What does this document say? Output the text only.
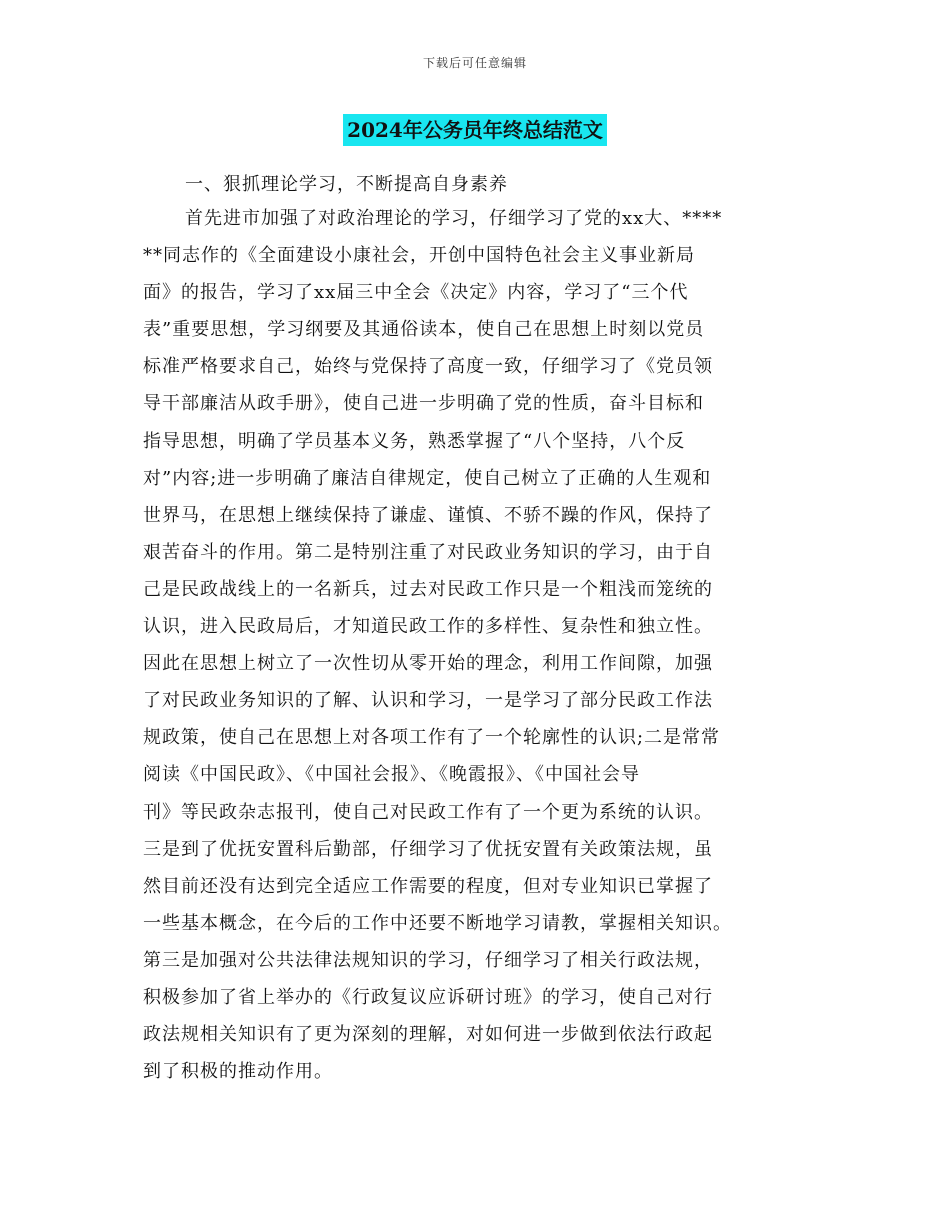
下载后可任意编辑
2024年公务员年终总结范文
一、狠抓理论学习，不断提高自身素养
首先进市加强了对政治理论的学习，仔细学习了党的xx大、****
**同志作的《全面建设小康社会，开创中国特色社会主义事业新局
面》的报告，学习了xx届三中全会《决定》内容，学习了“三个代
表”重要思想，学习纲要及其通俗读本，使自己在思想上时刻以党员
标准严格要求自己，始终与党保持了高度一致，仔细学习了《党员领
导干部廉洁从政手册》，使自己进一步明确了党的性质，奋斗目标和
指导思想，明确了学员基本义务，熟悉掌握了“八个坚持，八个反
对”内容;进一步明确了廉洁自律规定，使自己树立了正确的人生观和
世界马，在思想上继续保持了谦虚、谨慎、不骄不躁的作风，保持了
艰苦奋斗的作用。第二是特别注重了对民政业务知识的学习，由于自
己是民政战线上的一名新兵，过去对民政工作只是一个粗浅而笼统的
认识，进入民政局后，才知道民政工作的多样性、复杂性和独立性。
因此在思想上树立了一次性切从零开始的理念，利用工作间隙，加强
了对民政业务知识的了解、认识和学习，一是学习了部分民政工作法
规政策，使自己在思想上对各项工作有了一个轮廓性的认识;二是常常
阅读《中国民政》、《中国社会报》、《晚霞报》、《中国社会导
刊》等民政杂志报刊，使自己对民政工作有了一个更为系统的认识。
三是到了优抚安置科后勤部，仔细学习了优抚安置有关政策法规，虽
然目前还没有达到完全适应工作需要的程度，但对专业知识已掌握了
一些基本概念，在今后的工作中还要不断地学习请教，掌握相关知识。
第三是加强对公共法律法规知识的学习，仔细学习了相关行政法规，
积极参加了省上举办的《行政复议应诉研讨班》的学习，使自己对行
政法规相关知识有了更为深刻的理解，对如何进一步做到依法行政起
到了积极的推动作用。
